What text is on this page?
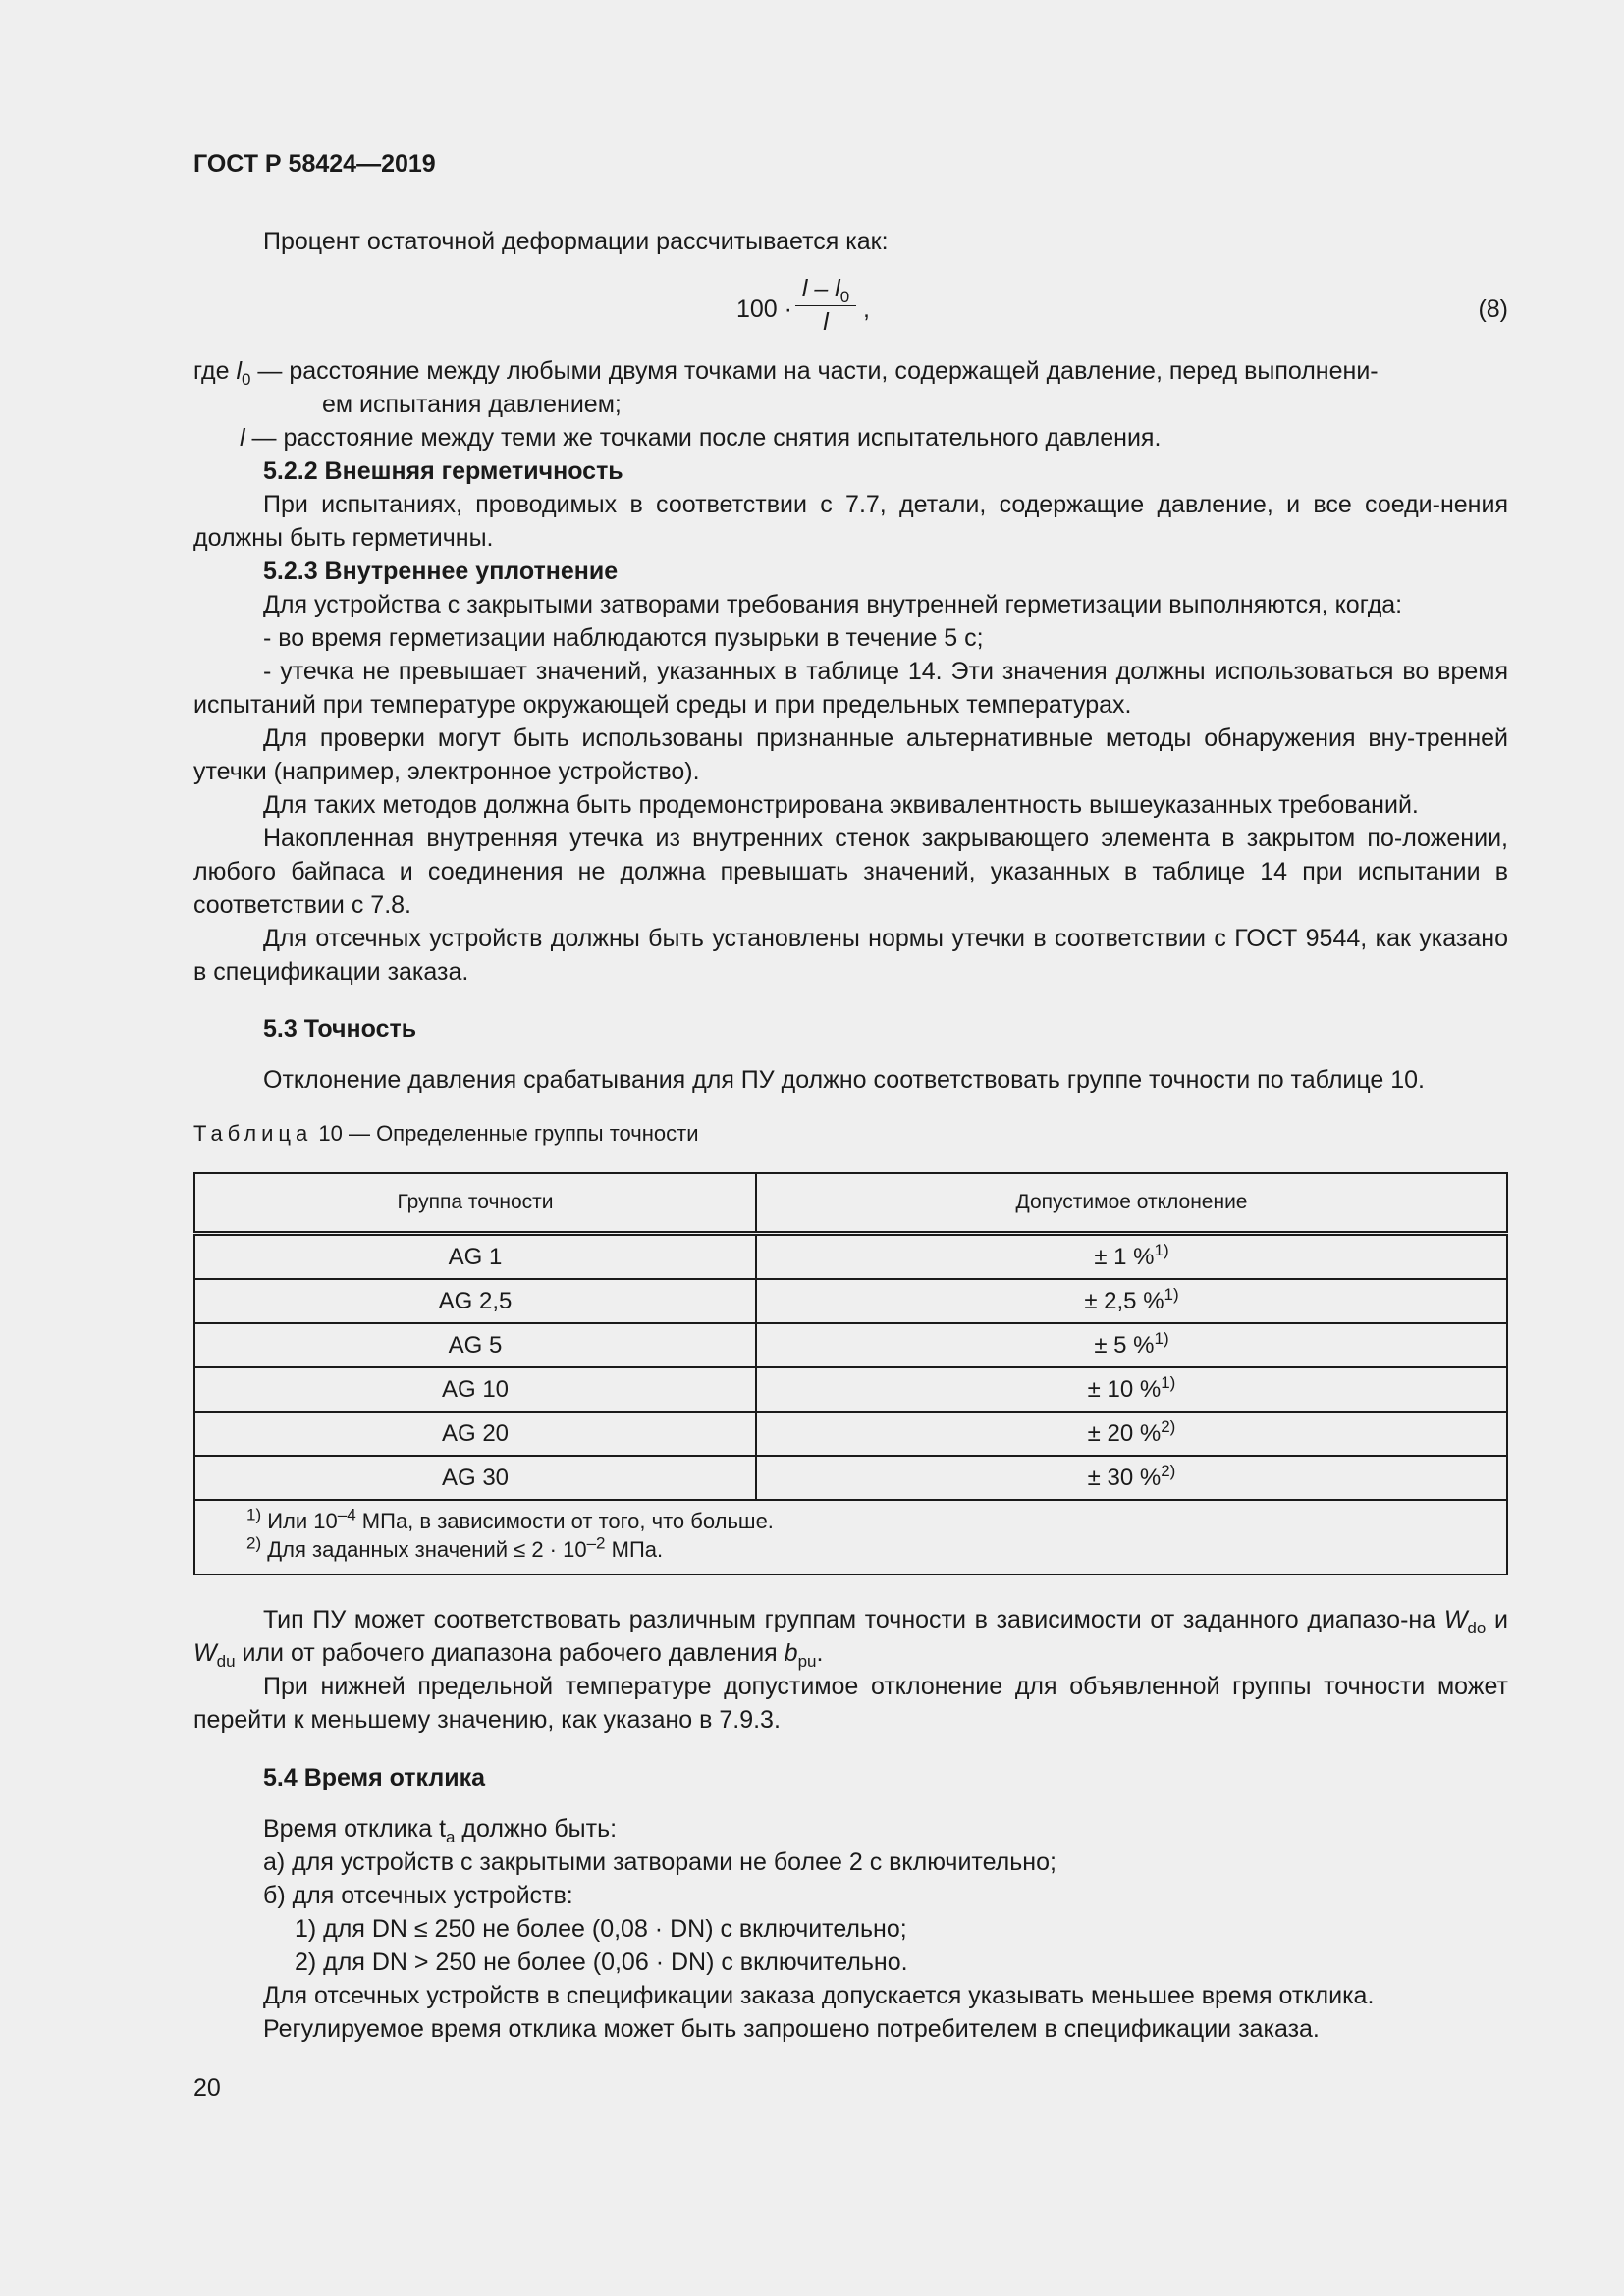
ГОСТ Р 58424—2019
Процент остаточной деформации рассчитывается как:
$100 \cdot \frac{l - l_0}{l}$ ,	(8)
где $l_0$ — расстояние между любыми двумя точками на части, содержащей давление, перед выполнени-
ем испытания давлением;
l — расстояние между теми же точками после снятия испытательного давления.
5.2.2 Внешняя герметичность
При испытаниях, проводимых в соответствии с 7.7, детали, содержащие давление, и все соеди-нения должны быть герметичны.
5.2.3 Внутреннее уплотнение
Для устройства с закрытыми затворами требования внутренней герметизации выполняются, когда:
- во время герметизации наблюдаются пузырьки в течение 5 с;
- утечка не превышает значений, указанных в таблице 14. Эти значения должны использоваться во время испытаний при температуре окружающей среды и при предельных температурах.
Для проверки могут быть использованы признанные альтернативные методы обнаружения вну-тренней утечки (например, электронное устройство).
Для таких методов должна быть продемонстрирована эквивалентность вышеуказанных требований.
Накопленная внутренняя утечка из внутренних стенок закрывающего элемента в закрытом по-ложении, любого байпаса и соединения не должна превышать значений, указанных в таблице 14 при испытании в соответствии с 7.8.
Для отсечных устройств должны быть установлены нормы утечки в соответствии с ГОСТ 9544, как указано в спецификации заказа.
5.3 Точность
Отклонение давления срабатывания для ПУ должно соответствовать группе точности по таблице 10.
Таблица 10 — Определенные группы точности
Группа точности	Допустимое отклонение
AG 1	± 1 %$^{1)}$
AG 2,5	± 2,5 %$^{1)}$
AG 5	± 5 %$^{1)}$
AG 10	± 10 %$^{1)}$
AG 20	± 20 %$^{2)}$
AG 30	± 30 %$^{2)}$

$^{1)}$ Или $10^{-4}$ МПа, в зависимости от того, что больше.
$^{2)}$ Для заданных значений ≤ $2 \cdot 10^{-2}$ МПа.	
Тип ПУ может соответствовать различным группам точности в зависимости от заданного диапазо-на $W_{do}$ и $W_{du}$ или от рабочего диапазона рабочего давления $b_{pu}$.
При нижней предельной температуре допустимое отклонение для объявленной группы точности может перейти к меньшему значению, как указано в 7.9.3.
5.4 Время отклика
Время отклика $t_a$ должно быть:
а) для устройств с закрытыми затворами не более 2 с включительно;
б) для отсечных устройств:
1) для DN ≤ 250 не более (0,08 · DN) с включительно;
2) для DN > 250 не более (0,06 · DN) с включительно.
Для отсечных устройств в спецификации заказа допускается указывать меньшее время отклика.
Регулируемое время отклика может быть запрошено потребителем в спецификации заказа.
20
